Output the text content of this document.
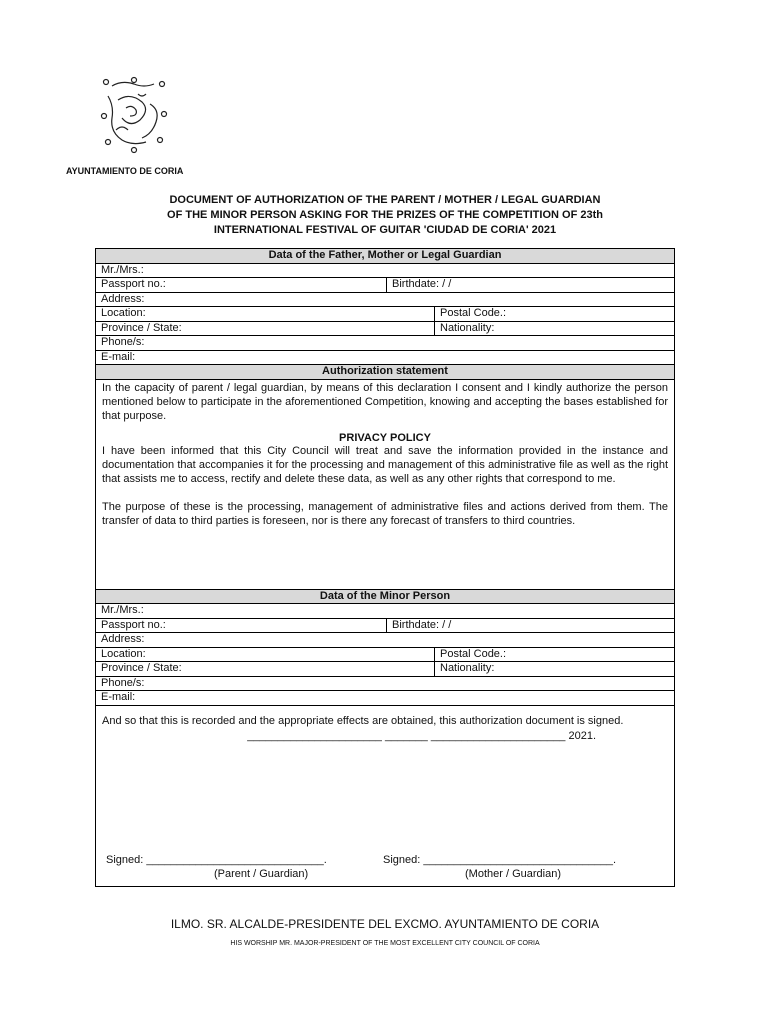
AYUNTAMIENTO DE CORIA
DOCUMENT OF AUTHORIZATION OF THE PARENT / MOTHER / LEGAL GUARDIAN
OF THE MINOR PERSON ASKING FOR THE PRIZES OF THE COMPETITION OF 23th
INTERNATIONAL FESTIVAL OF GUITAR 'CIUDAD DE CORIA' 2021
Data of the Father, Mother or Legal Guardian
Mr./Mrs.:
Passport no.:	Birthdate: / /
Address:
Location:	Postal Code.:
Province / State:	Nationality:
Phone/s:
E-mail:
Authorization statement
In the capacity of parent / legal guardian, by means of this declaration I consent and I kindly authorize the person mentioned below to participate in the aforementioned Competition, knowing and accepting the bases established for that purpose.
PRIVACY POLICY
I have been informed that this City Council will treat and save the information provided in the instance and documentation that accompanies it for the processing and management of this administrative file as well as the right that assists me to access, rectify and delete these data, as well as any other rights that correspond to me.
The purpose of these is the processing, management of administrative files and actions derived from them. The transfer of data to third parties is foreseen, nor is there any forecast of transfers to third countries.
Data of the Minor Person
Mr./Mrs.:
Passport no.:	Birthdate: / /
Address:
Location:	Postal Code.:
Province / State:	Nationality:
Phone/s:
E-mail:
And so that this is recorded and the appropriate effects are obtained, this authorization document is signed.
______________________ _______ ______________________ 2021.
Signed: _____________________________.
(Parent / Guardian)
Signed: _______________________________.
(Mother / Guardian)
ILMO. SR. ALCALDE-PRESIDENTE DEL EXCMO. AYUNTAMIENTO DE CORIA
HIS WORSHIP MR. MAJOR-PRESIDENT OF THE MOST EXCELLENT CITY COUNCIL OF CORIA
